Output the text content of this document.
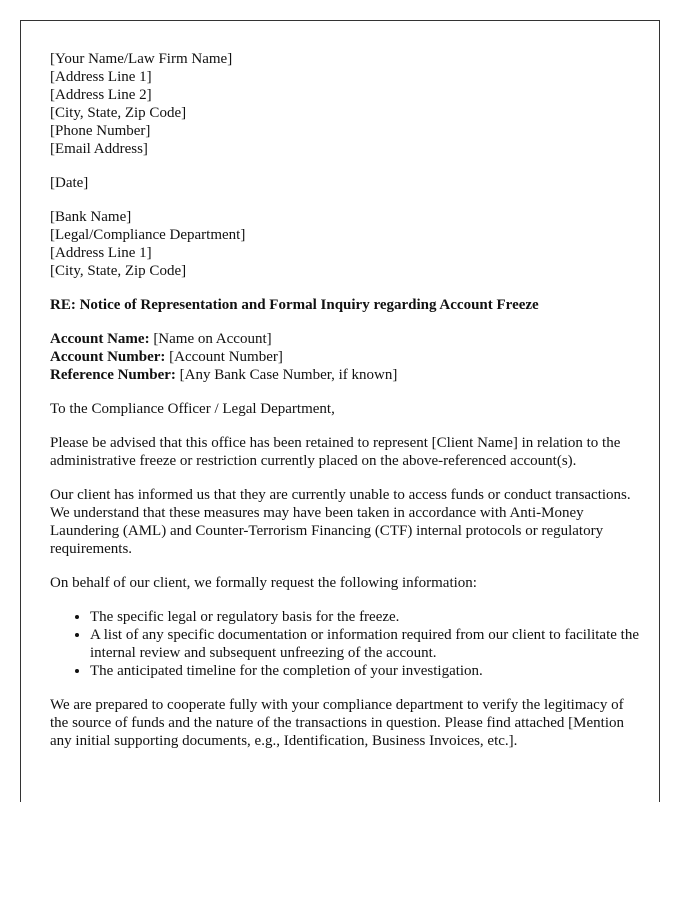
[Your Name/Law Firm Name]
[Address Line 1]
[Address Line 2]
[City, State, Zip Code]
[Phone Number]
[Email Address]
[Date]
[Bank Name]
[Legal/Compliance Department]
[Address Line 1]
[City, State, Zip Code]
RE: Notice of Representation and Formal Inquiry regarding Account Freeze
Account Name: [Name on Account]
Account Number: [Account Number]
Reference Number: [Any Bank Case Number, if known]
To the Compliance Officer / Legal Department,
Please be advised that this office has been retained to represent [Client Name] in relation to the administrative freeze or restriction currently placed on the above-referenced account(s).
Our client has informed us that they are currently unable to access funds or conduct transactions. We understand that these measures may have been taken in accordance with Anti-Money Laundering (AML) and Counter-Terrorism Financing (CTF) internal protocols or regulatory requirements.
On behalf of our client, we formally request the following information:
• The specific legal or regulatory basis for the freeze.
• A list of any specific documentation or information required from our client to facilitate the internal review and subsequent unfreezing of the account.
• The anticipated timeline for the completion of your investigation.
We are prepared to cooperate fully with your compliance department to verify the legitimacy of the source of funds and the nature of the transactions in question. Please find attached [Mention any initial supporting documents, e.g., Identification, Business Invoices, etc.].
